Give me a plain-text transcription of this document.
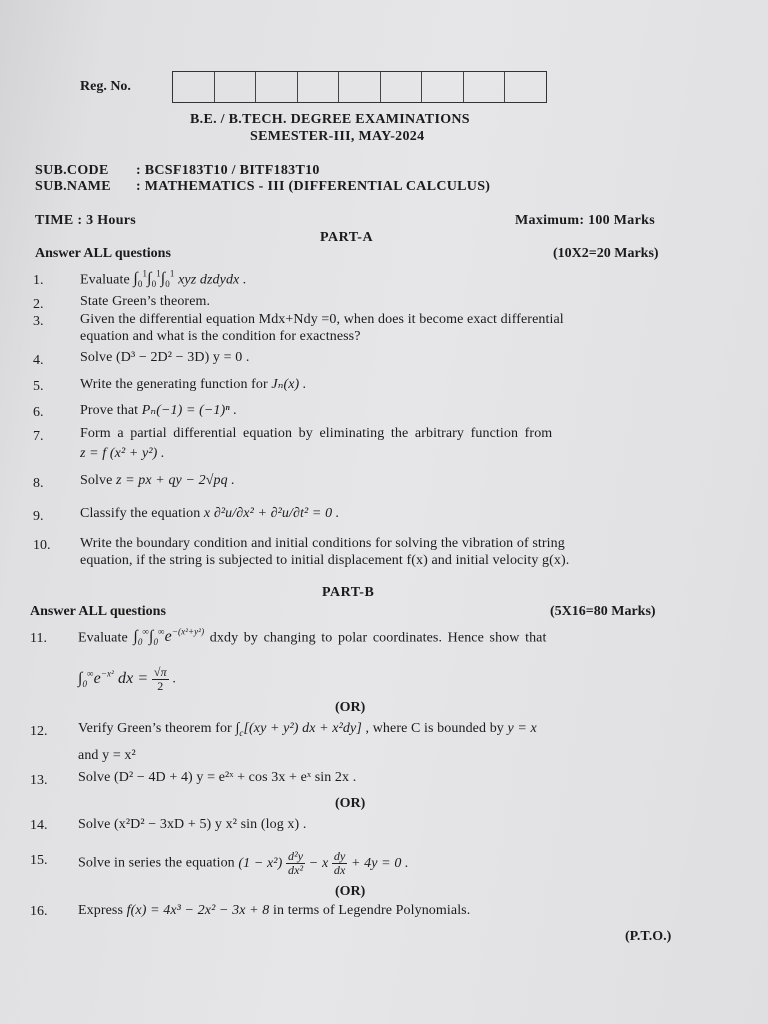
Reg. No.
B.E. / B.TECH. DEGREE EXAMINATIONS
SEMESTER-III, MAY-2024
SUB.CODE : BCSF183T10 / BITF183T10
SUB.NAME : MATHEMATICS - III (DIFFERENTIAL CALCULUS)
TIME : 3 Hours	Maximum: 100 Marks
PART-A
Answer ALL questions	(10X2=20 Marks)
1.	Evaluate $\int_0^1\int_0^1\int_0^1$ xyz dzdydx .
2.	State Green’s theorem.
3.	Given the differential equation Mdx+Ndy =0, when does it become exact differential
equation and what is the condition for exactness?
4.	Solve (D³ − 2D² − 3D) y = 0 .
5.	Write the generating function for Jₙ(x) .
6.	Prove that Pₙ(−1) = (−1)ⁿ .
7.	Form a partial differential equation by eliminating the arbitrary function from
z = f (x² + y²) .
8.	Solve z = px + qy − 2√pq .
9.	Classify the equation x ∂²u/∂x² + ∂²u/∂t² = 0 .
10.	Write the boundary condition and initial conditions for solving the vibration of string
equation, if the string is subjected to initial displacement f(x) and initial velocity g(x).
PART-B
Answer ALL questions	(5X16=80 Marks)
11.	Evaluate $\int_0^\infty\int_0^\infty e^{-(x^2+y^2)}$ dxdy by changing to polar coordinates. Hence show that
$\int_0^\infty e^{-x^2}$ dx = $\frac{√\pi}{2}$ .
(OR)
12.	Verify Green’s theorem for $\int_c[(xy + y^2)$ dx + x²dy] , where C is bounded by y = x
and y = x²
13.	Solve (D² − 4D + 4) y = e²ˣ + cos 3x + eˣ sin 2x .
(OR)
14.	Solve (x²D² − 3xD + 5) y x² sin (log x) .
15.	Solve in series the equation $(1 - x^2) \frac{\text{d²y}}{\text{dx²}} - x \frac{dy}{dx} + 4y = 0$ .
(OR)
16.	Express f(x) = 4x³ − 2x² − 3x + 8 in terms of Legendre Polynomials.
(P.T.O.)
